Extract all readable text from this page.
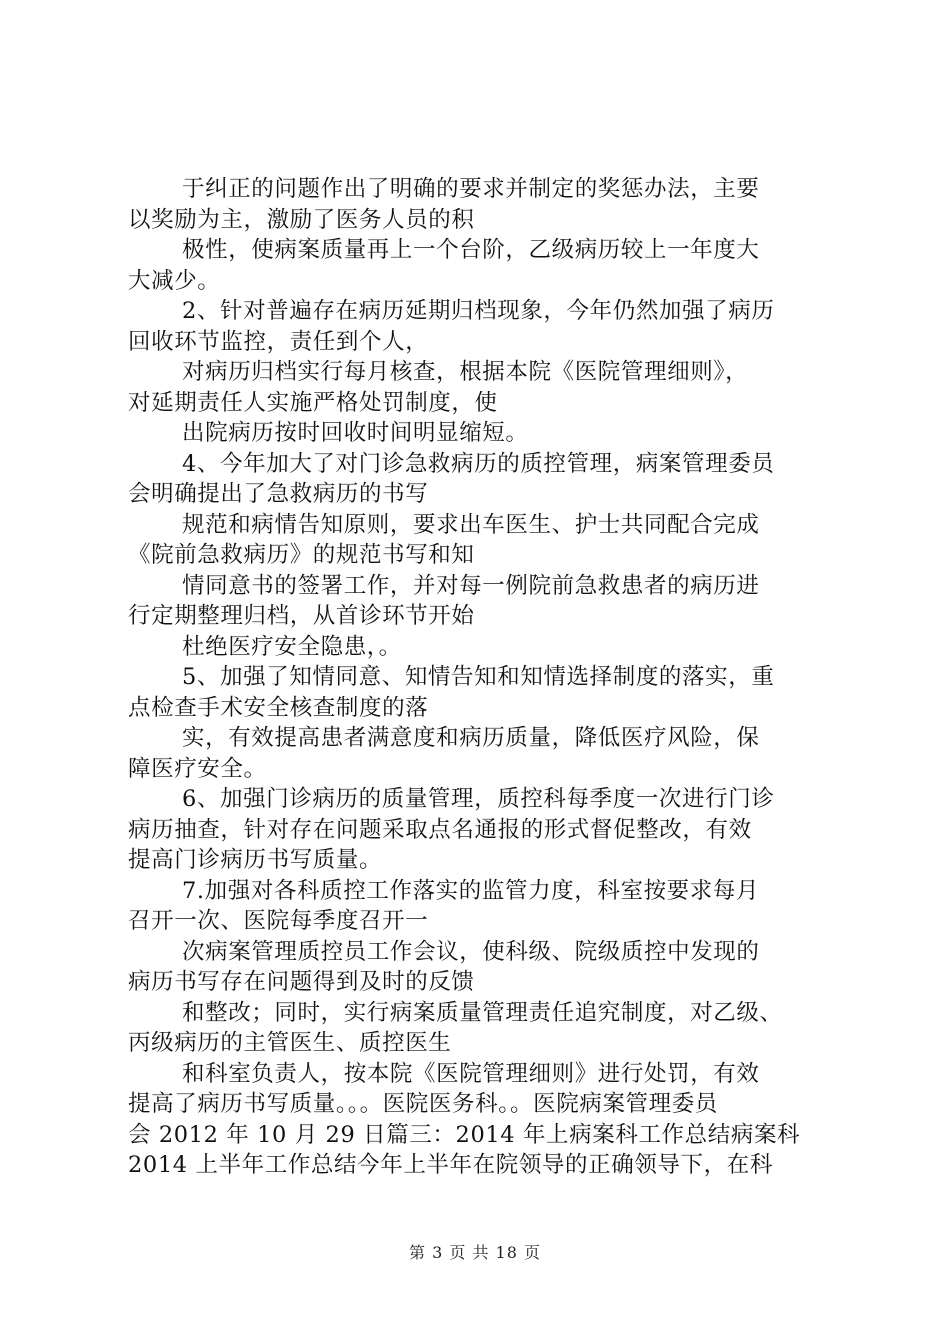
于纠正的问题作出了明确的要求并制定的奖惩办法，主要
以奖励为主，激励了医务人员的积
极性，使病案质量再上一个台阶，乙级病历较上一年度大
大减少。
2、针对普遍存在病历延期归档现象，今年仍然加强了病历
回收环节监控，责任到个人，
对病历归档实行每月核查，根据本院《医院管理细则》，
对延期责任人实施严格处罚制度，使
出院病历按时回收时间明显缩短。
4、今年加大了对门诊急救病历的质控管理，病案管理委员
会明确提出了急救病历的书写
规范和病情告知原则，要求出车医生、护士共同配合完成
《院前急救病历》的规范书写和知
情同意书的签署工作，并对每一例院前急救患者的病历进
行定期整理归档，从首诊环节开始
杜绝医疗安全隐患，。
5、加强了知情同意、知情告知和知情选择制度的落实，重
点检查手术安全核查制度的落
实，有效提高患者满意度和病历质量，降低医疗风险，保
障医疗安全。
6、加强门诊病历的质量管理，质控科每季度一次进行门诊
病历抽查，针对存在问题采取点名通报的形式督促整改，有效
提高门诊病历书写质量。
7.加强对各科质控工作落实的监管力度，科室按要求每月
召开一次、医院每季度召开一
次病案管理质控员工作会议，使科级、院级质控中发现的
病历书写存在问题得到及时的反馈
和整改；同时，实行病案质量管理责任追究制度，对乙级、
丙级病历的主管医生、质控医生
和科室负责人，按本院《医院管理细则》进行处罚，有效
提高了病历书写质量。。。医院医务科。。医院病案管理委员
会 2012 年 10 月 29 日篇三：2014 年上病案科工作总结病案科
2014 上半年工作总结今年上半年在院领导的正确领导下，在科
第 3 页 共 18 页
